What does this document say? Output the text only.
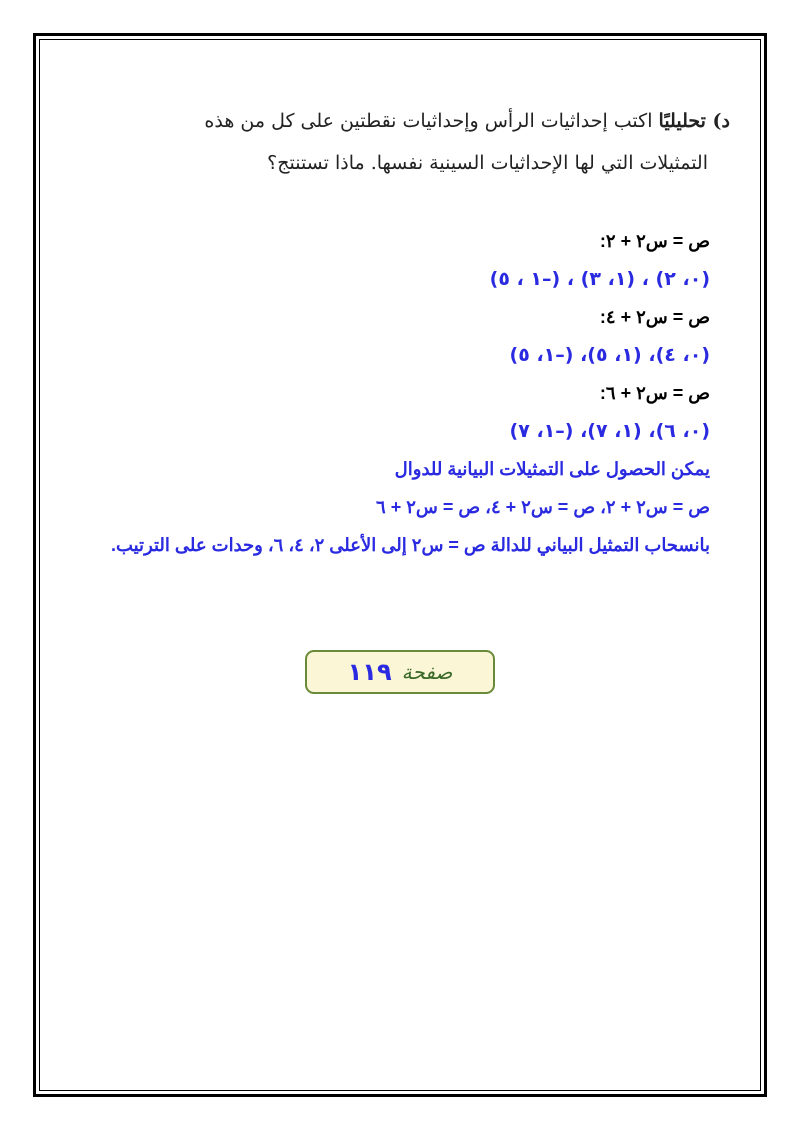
د) تحليليًا اكتب إحداثيات الرأس وإحداثيات نقطتين على كل من هذه
التمثيلات التي لها الإحداثيات السينية نفسها. ماذا تستنتج؟
ص = س٢ + ٢:
(٠، ٢) ، (١، ٣) ، (–١ ، ٥)
ص = س٢ + ٤:
(٠، ٤)، (١، ٥)، (–١، ٥)
ص = س٢ + ٦:
(٠، ٦)، (١، ٧)، (–١، ٧)
يمكن الحصول على التمثيلات البيانية للدوال
ص = س٢ + ٢، ص = س٢ + ٤، ص = س٢ + ٦
بانسحاب التمثيل البياني للدالة ص = س٢ إلى الأعلى ٢، ٤، ٦، وحدات على الترتيب.
صفحة
١١٩
